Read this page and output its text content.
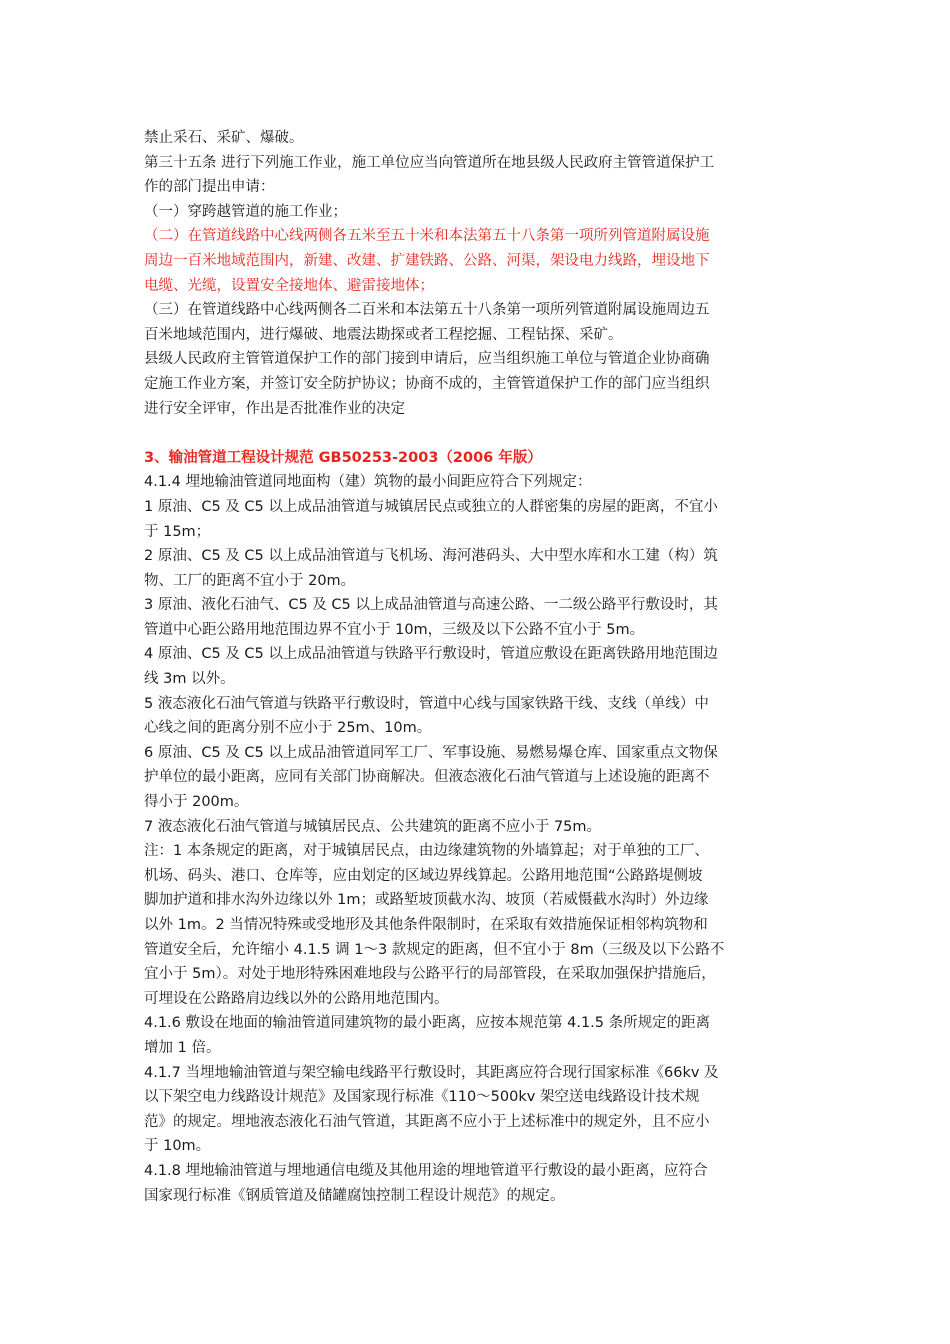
禁止采石、采矿、爆破。
第三十五条 进行下列施工作业，施工单位应当向管道所在地县级人民政府主管管道保护工
作的部门提出申请：
（一）穿跨越管道的施工作业；
（二）在管道线路中心线两侧各五米至五十米和本法第五十八条第一项所列管道附属设施
周边一百米地域范围内，新建、改建、扩建铁路、公路、河渠，架设电力线路，埋设地下
电缆、光缆，设置安全接地体、避雷接地体；
（三）在管道线路中心线两侧各二百米和本法第五十八条第一项所列管道附属设施周边五
百米地域范围内，进行爆破、地震法勘探或者工程挖掘、工程钻探、采矿。
县级人民政府主管管道保护工作的部门接到申请后，应当组织施工单位与管道企业协商确
定施工作业方案，并签订安全防护协议；协商不成的，主管管道保护工作的部门应当组织
进行安全评审，作出是否批准作业的决定
3、输油管道工程设计规范 GB50253-2003（2006 年版）
4.1.4 埋地输油管道同地面构（建）筑物的最小间距应符合下列规定：
1 原油、C5 及 C5 以上成品油管道与城镇居民点或独立的人群密集的房屋的距离，不宜小
于 15m；
2 原油、C5 及 C5 以上成品油管道与飞机场、海河港码头、大中型水库和水工建（构）筑
物、工厂的距离不宜小于 20m。
3 原油、液化石油气、C5 及 C5 以上成品油管道与高速公路、一二级公路平行敷设时，其
管道中心距公路用地范围边界不宜小于 10m，三级及以下公路不宜小于 5m。
4 原油、C5 及 C5 以上成品油管道与铁路平行敷设时，管道应敷设在距离铁路用地范围边
线 3m 以外。
5 液态液化石油气管道与铁路平行敷设时，管道中心线与国家铁路干线、支线（单线）中
心线之间的距离分别不应小于 25m、10m。
6 原油、C5 及 C5 以上成品油管道同军工厂、军事设施、易燃易爆仓库、国家重点文物保
护单位的最小距离，应同有关部门协商解决。但液态液化石油气管道与上述设施的距离不
得小于 200m。
7 液态液化石油气管道与城镇居民点、公共建筑的距离不应小于 75m。
注：1 本条规定的距离，对于城镇居民点，由边缘建筑物的外墙算起；对于单独的工厂、
机场、码头、港口、仓库等，应由划定的区域边界线算起。公路用地范围“公路路堤侧坡
脚加护道和排水沟外边缘以外 1m；或路堑坡顶截水沟、坡顶（若威慑截水沟时）外边缘
以外 1m。2 当情况特殊或受地形及其他条件限制时，在采取有效措施保证相邻构筑物和
管道安全后，允许缩小 4.1.5 调 1～3 款规定的距离，但不宜小于 8m（三级及以下公路不
宜小于 5m）。对处于地形特殊困难地段与公路平行的局部管段，在采取加强保护措施后，
可埋设在公路路肩边线以外的公路用地范围内。
4.1.6 敷设在地面的输油管道同建筑物的最小距离，应按本规范第 4.1.5 条所规定的距离
增加 1 倍。
4.1.7 当埋地输油管道与架空输电线路平行敷设时，其距离应符合现行国家标准《66kv 及
以下架空电力线路设计规范》及国家现行标准《110～500kv 架空送电线路设计技术规
范》的规定。埋地液态液化石油气管道，其距离不应小于上述标准中的规定外，且不应小
于 10m。
4.1.8 埋地输油管道与埋地通信电缆及其他用途的埋地管道平行敷设的最小距离，应符合
国家现行标准《钢质管道及储罐腐蚀控制工程设计规范》的规定。
